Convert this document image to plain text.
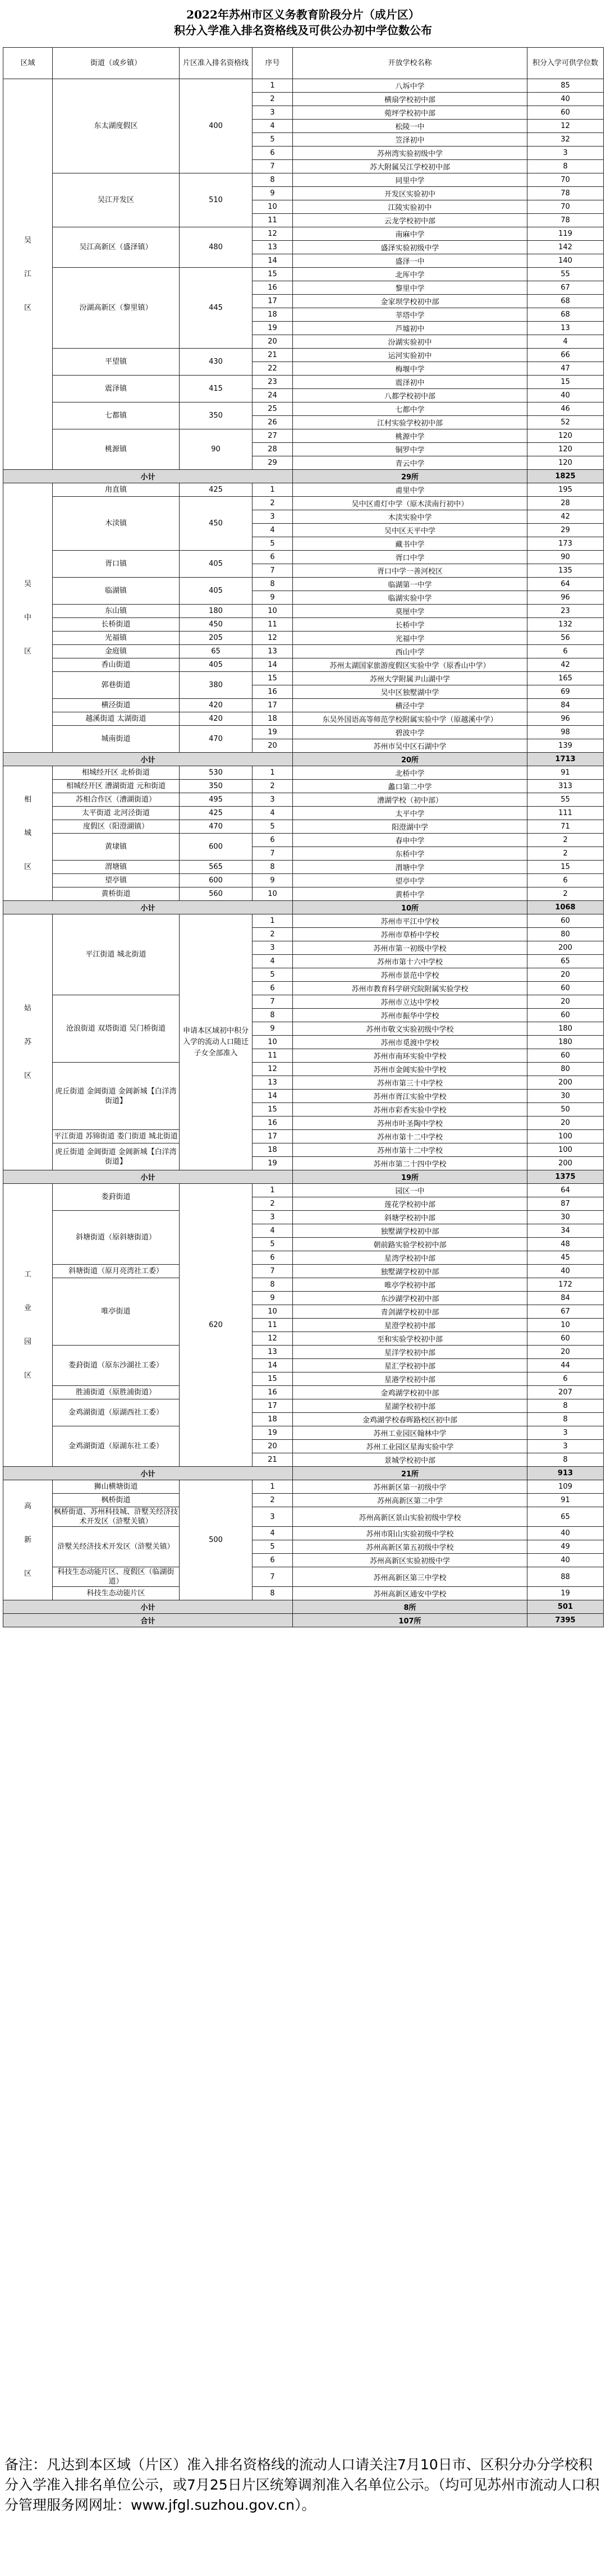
2022年苏州市区义务教育阶段分片（成片区）
积分入学准入排名资格线及可供公办初中学位数公布
区域	街道（或乡镇）	片区准入排名资格线	序号	开放学校名称	积分入学可供学位数

吴
江
区	东太湖度假区	400	1	八坼中学	85
			2	横扇学校初中部	40
			3	菀坪学校初中部	60
			4	松陵一中	12
			5	笠泽初中	32
			6	苏州湾实验初级中学	3
			7	苏大附属吴江学校初中部	8
	吴江开发区	510	8	同里中学	70
			9	开发区实验初中	78
			10	江陵实验初中	70
			11	云龙学校初中部	78
	吴江高新区（盛泽镇）	480	12	南麻中学	119
			13	盛泽实验初级中学	142
			14	盛泽一中	140
	汾湖高新区（黎里镇）	445	15	北厍中学	55
			16	黎里中学	67
			17	金家坝学校初中部	68
			18	莘塔中学	68
			19	芦墟初中	13
			20	汾湖实验初中	4
	平望镇	430	21	运河实验初中	66
			22	梅堰中学	47
	震泽镇	415	23	震泽初中	15
			24	八都学校初中部	40
	七都镇	350	25	七都中学	46
			26	江村实验学校初中部	52
	桃源镇	90	27	桃源中学	120
			28	铜罗中学	120
			29	青云中学	120
小计				29所	1825

吴
中
区	甪直镇	425	1	甫里中学	195
	木渎镇	450	2	吴中区甫灯中学（原木渎南行初中）	28
			3	木渎实验中学	42
			4	吴中区天平中学	29
			5	藏书中学	173
	胥口镇	405	6	胥口中学	90
			7	胥口中学一善河校区	135
	临湖镇	405	8	临湖第一中学	64
			9	临湖实验中学	96
	东山镇	180	10	莫厘中学	23
	长桥街道	450	11	长桥中学	132
	光福镇	205	12	光福中学	56
	金庭镇	65	13	西山中学	6
	香山街道	405	14	苏州太湖国家旅游度假区实验中学（原香山中学）	42
	郭巷街道	380	15	苏州大学附属尹山湖中学	165
			16	吴中区独墅湖中学	69
	横泾街道	420	17	横泾中学	84
	越溪街道 太湖街道	420	18	东吴外国语高等师范学校附属实验中学（原越溪中学）	96
	城南街道	470	19	碧波中学	98
			20	苏州市吴中区石湖中学	139
小计				20所	1713

相
城
区	相城经开区 北桥街道	530	1	北桥中学	91
	相城经开区 漕湖街道 元和街道	350	2	蠡口第二中学	313
	苏相合作区（漕湖街道）	495	3	漕湖学校（初中部）	55
	太平街道 北河泾街道	425	4	太平中学	111
	度假区（阳澄湖镇）	470	5	阳澄湖中学	71
	黄埭镇	600	6	春申中学	2
			7	东桥中学	2
	渭塘镇	565	8	渭塘中学	15
	望亭镇	600	9	望亭中学	6
	黄桥街道	560	10	黄桥中学	2
小计				10所	1068

姑
苏
区	平江街道 城北街道	申请本区域初中积分入学的流动人口随迁子女全部准入	1	苏州市平江中学校	60
			2	苏州市草桥中学校	80
			3	苏州市第一初级中学校	200
			4	苏州市第十六中学校	65
			5	苏州市景范中学校	20
			6	苏州市教育科学研究院附属实验学校	60
	沧浪街道 双塔街道 吴门桥街道		7	苏州市立达中学校	20
			8	苏州市振华中学校	60
			9	苏州市敬文实验初级中学校	180
			10	苏州市觅渡中学校	180
			11	苏州市南环实验中学校	60
	虎丘街道 金阊街道 金阊新城【白洋湾街道】		12	苏州市金阊实验中学校	80
			13	苏州市第三十中学校	200
			14	苏州市胥江实验中学校	30
			15	苏州市彩香实验中学校	50
			16	苏州市叶圣陶中学校	20
	平江街道 苏锦街道 娄门街道 城北街道		17	苏州市第十二中学校	100
	虎丘街道 金阊街道 金阊新城【白洋湾街道】		18	苏州市第十二中学校	100
			19	苏州市第二十四中学校	200
小计				19所	1375

工
业
园
区	娄葑街道	620	1	园区一中	64
			2	莲花学校初中部	87
	斜塘街道（原斜塘街道）		3	斜塘学校初中部	30
			4	独墅湖学校初中部	34
			5	朝前路实验学校初中部	48
			6	星湾学校初中部	45
	斜塘街道（原月亮湾社工委）		7	独墅湖学校初中部	40
	唯亭街道		8	唯亭学校初中部	172
			9	东沙湖学校初中部	84
			10	青剑湖学校初中部	67
			11	星澄学校初中部	10
			12	至和实验学校初中部	60
	娄葑街道（原东沙湖社工委）		13	星洋学校初中部	20
			14	星汇学校初中部	44
			15	星港学校初中部	6
	胜浦街道（原胜浦街道）		16	金鸡湖学校初中部	207
	金鸡湖街道（原湖西社工委）		17	星湖学校初中部	8
			18	金鸡湖学校春晖路校区初中部	8
	金鸡湖街道（原湖东社工委）		19	苏州工业园区翰林中学	3
			20	苏州工业园区星海实验中学	3
			21	景城学校初中部	8
小计				21所	913

高
新
区	狮山横塘街道	500	1	苏州新区第一初级中学	109
	枫桥街道		2	苏州高新区第二中学	91
	枫桥街道、苏州科技城、浒墅关经济技术开发区（浒墅关镇）		3	苏州高新区景山实验初级中学校	65
	浒墅关经济技术开发区（浒墅关镇）		4	苏州市阳山实验初级中学校	40
			5	苏州高新区第五初级中学校	49
			6	苏州高新区实验初级中学	40
	科技生态动能片区、度假区（临湖街道）		7	苏州高新区第三中学校	88
	科技生态动能片区		8	苏州高新区通安中学校	19
小计				8所	501
合计				107所	7395
备注：凡达到本区域（片区）准入排名资格线的流动人口请关注7月10日市、区积分办分学校积分入学准入排名单位公示，或7月25日片区统筹调剂准入名单位公示。（均可见苏州市流动人口积分管理服务网网址：www.jfgl.suzhou.gov.cn）。
